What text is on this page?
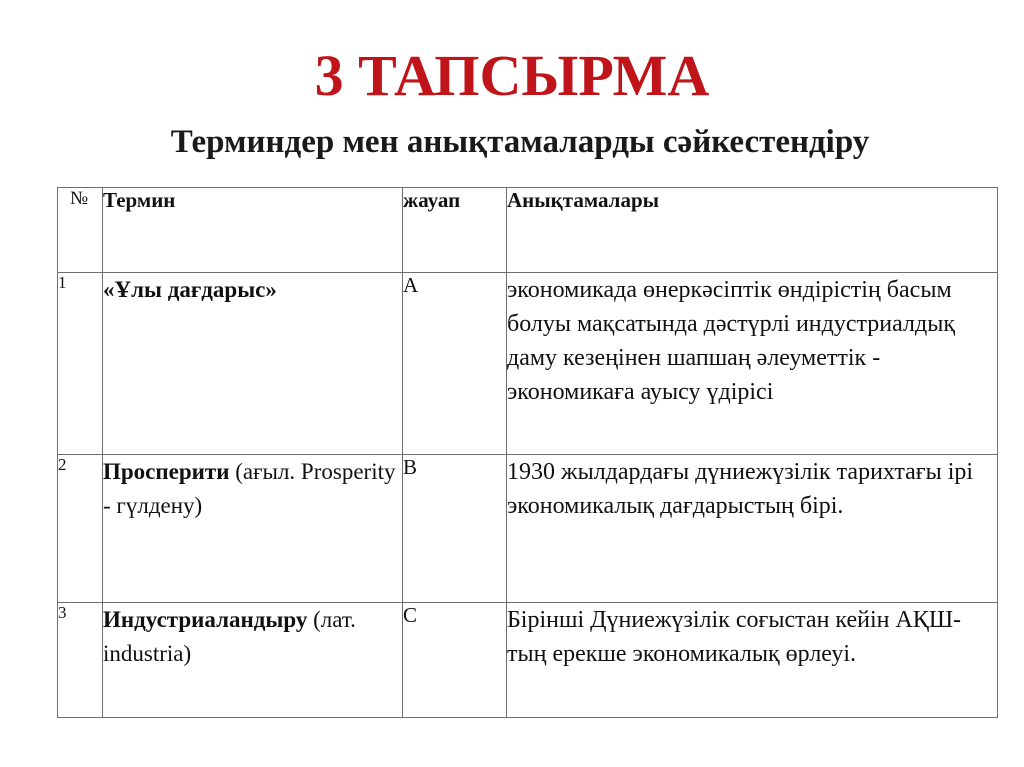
3 ТАПСЫРМА
Терминдер мен анықтамаларды сәйкестендіру
№	Термин	жауап	Анықтамалары
1	«Ұлы дағдарыс»	А	экономикада өнеркәсіптік өндірістің басым болуы мақсатында дәстүрлі индустриалдық даму кезеңінен шапшаң әлеуметтік - экономикаға ауысу үдірісі
2	Просперити (ағыл. Prosperity - гүлдену)	В	1930 жылдардағы дүниежүзілік тарихтағы ірі экономикалық дағдарыстың бірі.
3	Индустриаландыру (лат. industria)	С	Бірінші Дүниежүзілік соғыстан кейін АҚШ-тың ерекше экономикалық өрлеуі.
